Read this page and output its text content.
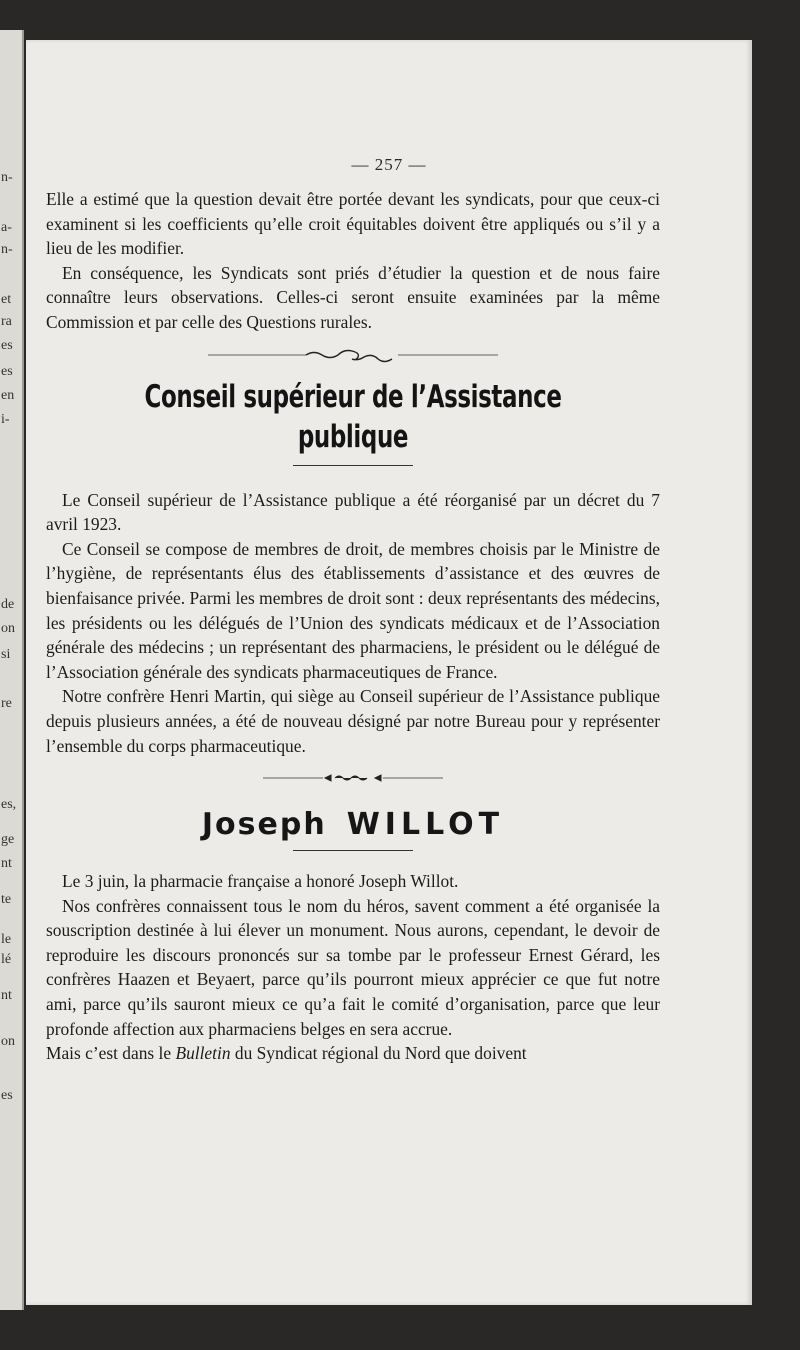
n-
a-
n-
et
ra
es
es
en
i-
de
on
si
re
es,
ge
nt
te
le
lé
nt
on
es
— 257 —

Elle a estimé que la question devait être portée devant les syndicats, pour que ceux-ci examinent si les coefficients qu’elle croit équitables doivent être appliqués ou s’il y a lieu de les modifier.

En conséquence, les Syndicats sont priés d’étudier la question et de nous faire connaître leurs observations. Celles-ci seront ensuite examinées par la même Commission et par celle des Questions rurales.

Conseil supérieur de l’Assistance publique

Le Conseil supérieur de l’Assistance publique a été réorganisé par un décret du 7 avril 1923.

Ce Conseil se compose de membres de droit, de membres choisis par le Ministre de l’hygiène, de représentants élus des établissements d’assistance et des œuvres de bienfaisance privée. Parmi les membres de droit sont : deux représentants des médecins, les présidents ou les délégués de l’Union des syndicats médicaux et de l’Association générale des médecins ; un représentant des pharmaciens, le président ou le délégué de l’Association générale des syndicats pharmaceutiques de France.

Notre confrère Henri Martin, qui siège au Conseil supérieur de l’Assistance publique depuis plusieurs années, a été de nouveau désigné par notre Bureau pour y représenter l’ensemble du corps pharmaceutique.

Joseph WILLOT

Le 3 juin, la pharmacie française a honoré Joseph Willot.

Nos confrères connaissent tous le nom du héros, savent comment a été organisée la souscription destinée à lui élever un monument. Nous aurons, cependant, le devoir de reproduire les discours prononcés sur sa tombe par le professeur Ernest Gérard, les confrères Haazen et Beyaert, parce qu’ils pourront mieux apprécier ce que fut notre ami, parce qu’ils sauront mieux ce qu’a fait le comité d’organisation, parce que leur profonde affection aux pharmaciens belges en sera accrue.

Mais c’est dans le Bulletin du Syndicat régional du Nord que doivent
